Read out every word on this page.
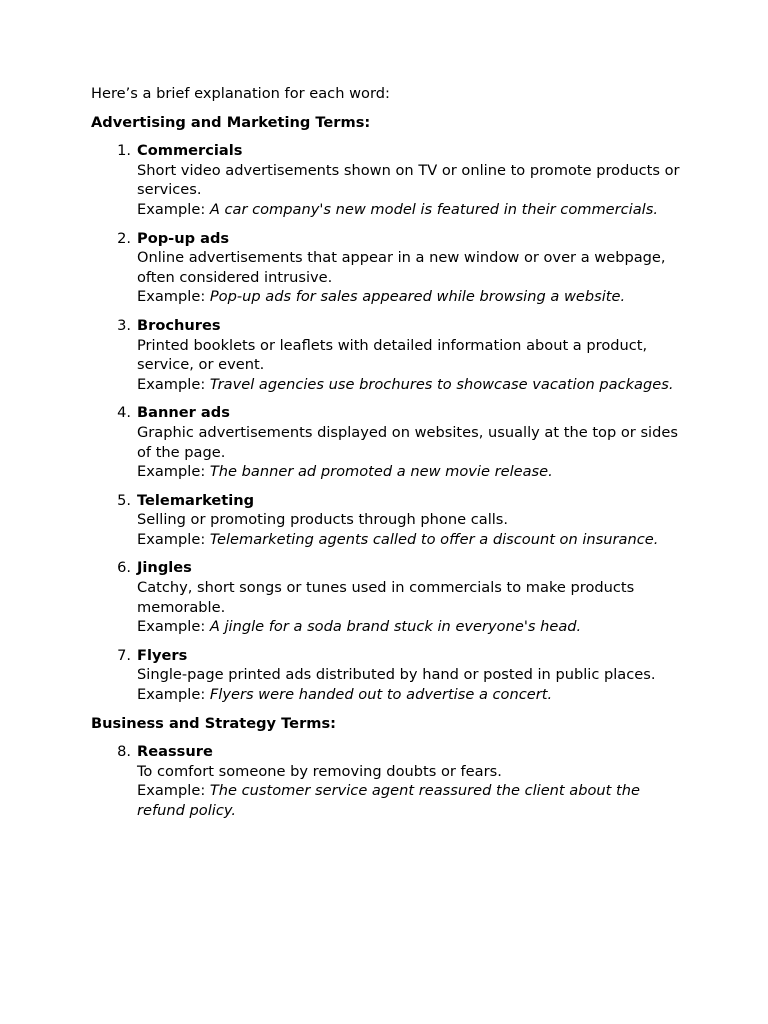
Here’s a brief explanation for each word:

Advertising and Marketing Terms:
1. Commercials
Short video advertisements shown on TV or online to promote products or services.
Example: A car company's new model is featured in their commercials.
2. Pop-up ads
Online advertisements that appear in a new window or over a webpage, often considered intrusive.
Example: Pop-up ads for sales appeared while browsing a website.
3. Brochures
Printed booklets or leaflets with detailed information about a product, service, or event.
Example: Travel agencies use brochures to showcase vacation packages.
4. Banner ads
Graphic advertisements displayed on websites, usually at the top or sides of the page.
Example: The banner ad promoted a new movie release.
5. Telemarketing
Selling or promoting products through phone calls.
Example: Telemarketing agents called to offer a discount on insurance.
6. Jingles
Catchy, short songs or tunes used in commercials to make products memorable.
Example: A jingle for a soda brand stuck in everyone's head.
7. Flyers
Single-page printed ads distributed by hand or posted in public places.
Example: Flyers were handed out to advertise a concert.
Business and Strategy Terms:
8. Reassure
To comfort someone by removing doubts or fears.
Example: The customer service agent reassured the client about the refund policy.
